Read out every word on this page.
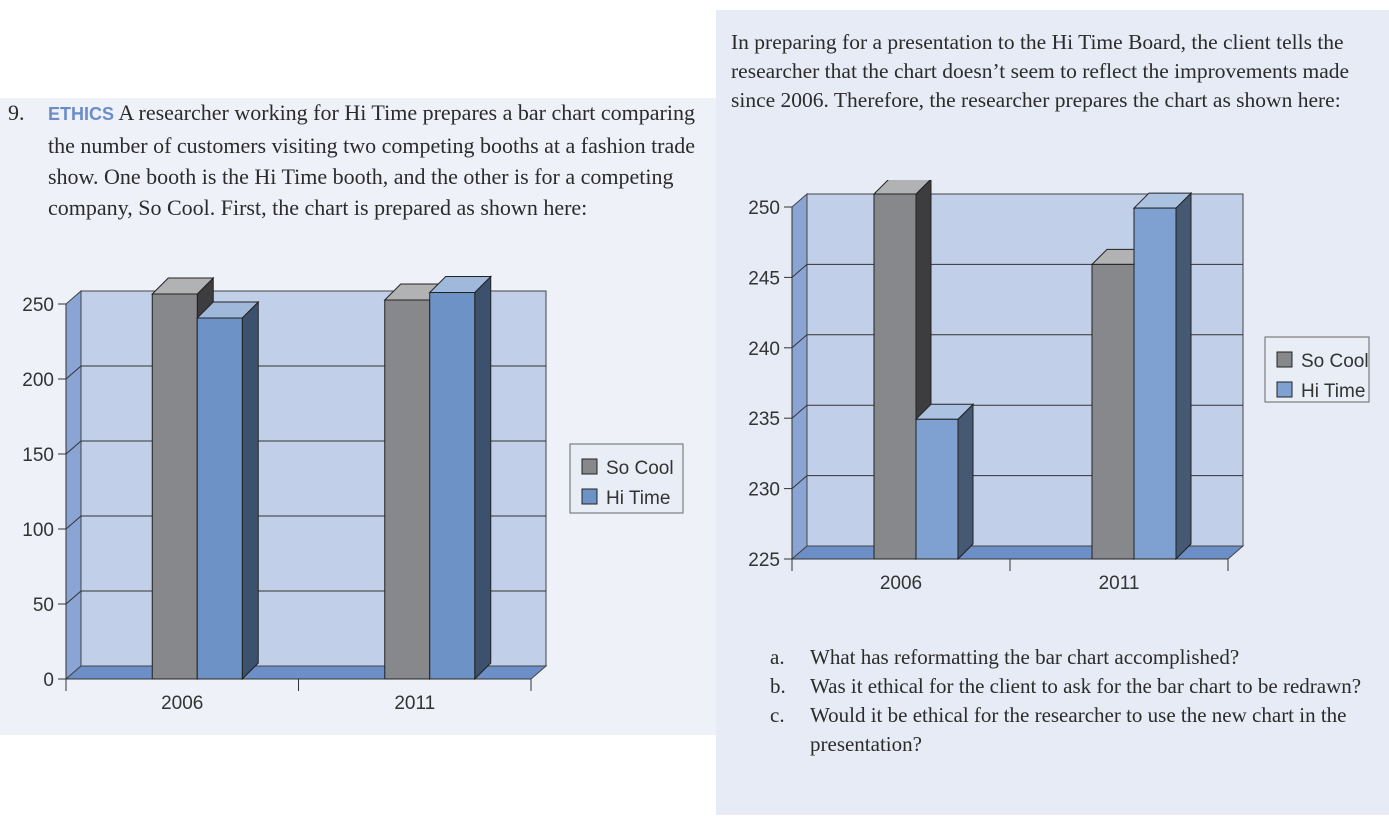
9. ETHICS A researcher working for Hi Time prepares a bar chart comparing the number of customers visiting two competing booths at a fashion trade show. One booth is the Hi Time booth, and the other is for a competing company, So Cool. First, the chart is prepared as shown here:
In preparing for a presentation to the Hi Time Board, the client tells the researcher that the chart doesn’t seem to reflect the improvements made since 2006. Therefore, the researcher prepares the chart as shown here:
0
50
100
150
200
250
2006	2011
So Cool
Hi Time
225
230
235
240
245
250
2006	2011
So Cool
Hi Time
a.	What has reformatting the bar chart accomplished?
b.	Was it ethical for the client to ask for the bar chart to be redrawn?
c.	Would it be ethical for the researcher to use the new chart in the presentation?
